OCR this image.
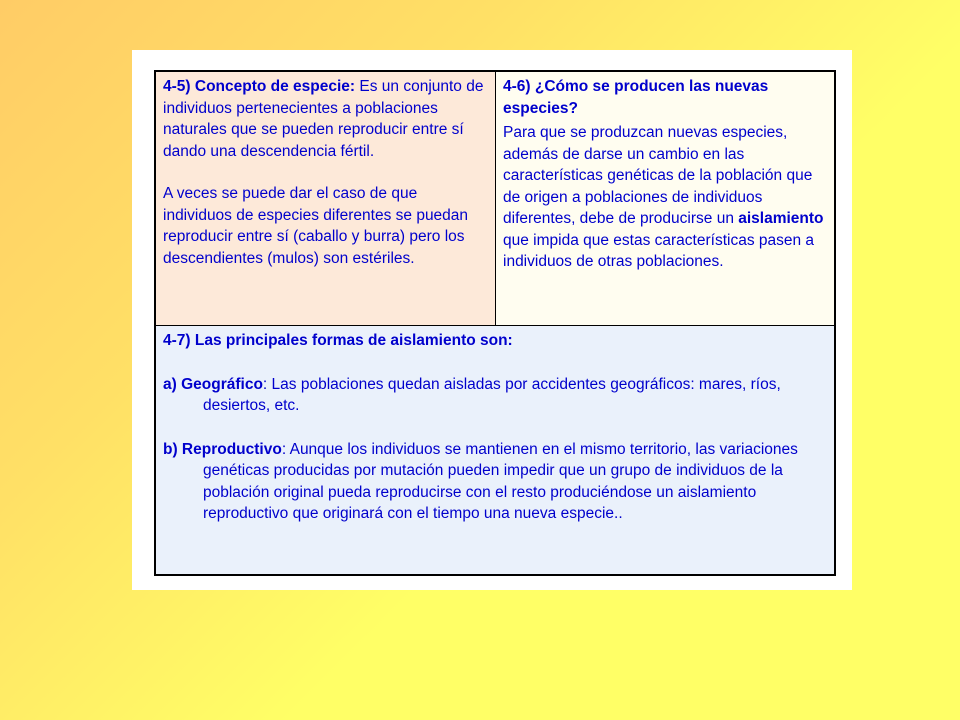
4-5) Concepto de especie: Es un conjunto de individuos pertenecientes a poblaciones naturales que se pueden reproducir entre sí dando una descendencia fértil.

A veces se puede dar el caso de que individuos de especies diferentes se puedan reproducir entre sí (caballo y burra) pero los descendientes (mulos) son estériles.

4-6) ¿Cómo se producen las nuevas especies?

Para que se produzcan nuevas especies, además de darse un cambio en las características genéticas de la población que de origen a poblaciones de individuos diferentes, debe de producirse un aislamiento que impida que estas características pasen a individuos de otras poblaciones.

4-7) Las principales formas de aislamiento son:

a) Geográfico: Las poblaciones quedan aisladas por accidentes geográficos: mares, ríos, desiertos, etc.

b) Reproductivo: Aunque los individuos se mantienen en el mismo territorio, las variaciones genéticas producidas por mutación pueden impedir que un grupo de individuos de la población original pueda reproducirse con el resto produciéndose un aislamiento reproductivo que originará con el tiempo una nueva especie..
